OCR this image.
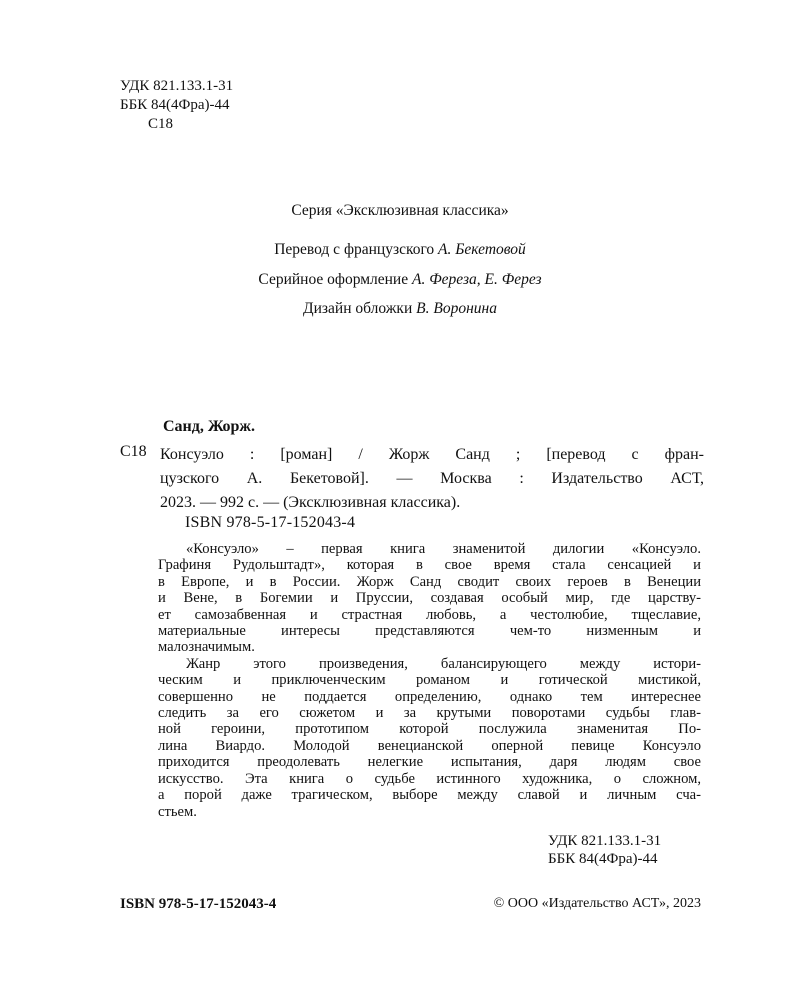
УДК 821.133.1-31
ББК 84(4Фра)-44
С18
Серия «Эксклюзивная классика»
Перевод с французского А. Бекетовой
Серийное оформление А. Фереза, Е. Ферез
Дизайн обложки В. Воронина
Санд, Жорж.
С18 Консуэло : [роман] / Жорж Санд ; [перевод с фран-
цузского А. Бекетовой]. — Москва : Издательство АСТ,
2023. — 992 с. — (Эксклюзивная классика).
ISBN 978-5-17-152043-4
«Консуэло» – первая книга знаменитой дилогии «Консуэло.
Графиня Рудольштадт», которая в свое время стала сенсацией и
в Европе, и в России. Жорж Санд сводит своих героев в Венеции
и Вене, в Богемии и Пруссии, создавая особый мир, где царству-
ет самозабвенная и страстная любовь, а честолюбие, тщеславие,
материальные интересы представляются чем-то низменным и
малозначимым.
Жанр этого произведения, балансирующего между истори-
ческим и приключенческим романом и готической мистикой,
совершенно не поддается определению, однако тем интереснее
следить за его сюжетом и за крутыми поворотами судьбы глав-
ной героини, прототипом которой послужила знаменитая По-
лина Виардо. Молодой венецианской оперной певице Консуэло
приходится преодолевать нелегкие испытания, даря людям свое
искусство. Эта книга о судьбе истинного художника, о сложном,
а порой даже трагическом, выборе между славой и личным сча-
стьем.
УДК 821.133.1-31
ББК 84(4Фра)-44
ISBN 978-5-17-152043-4	© ООО «Издательство АСТ», 2023
